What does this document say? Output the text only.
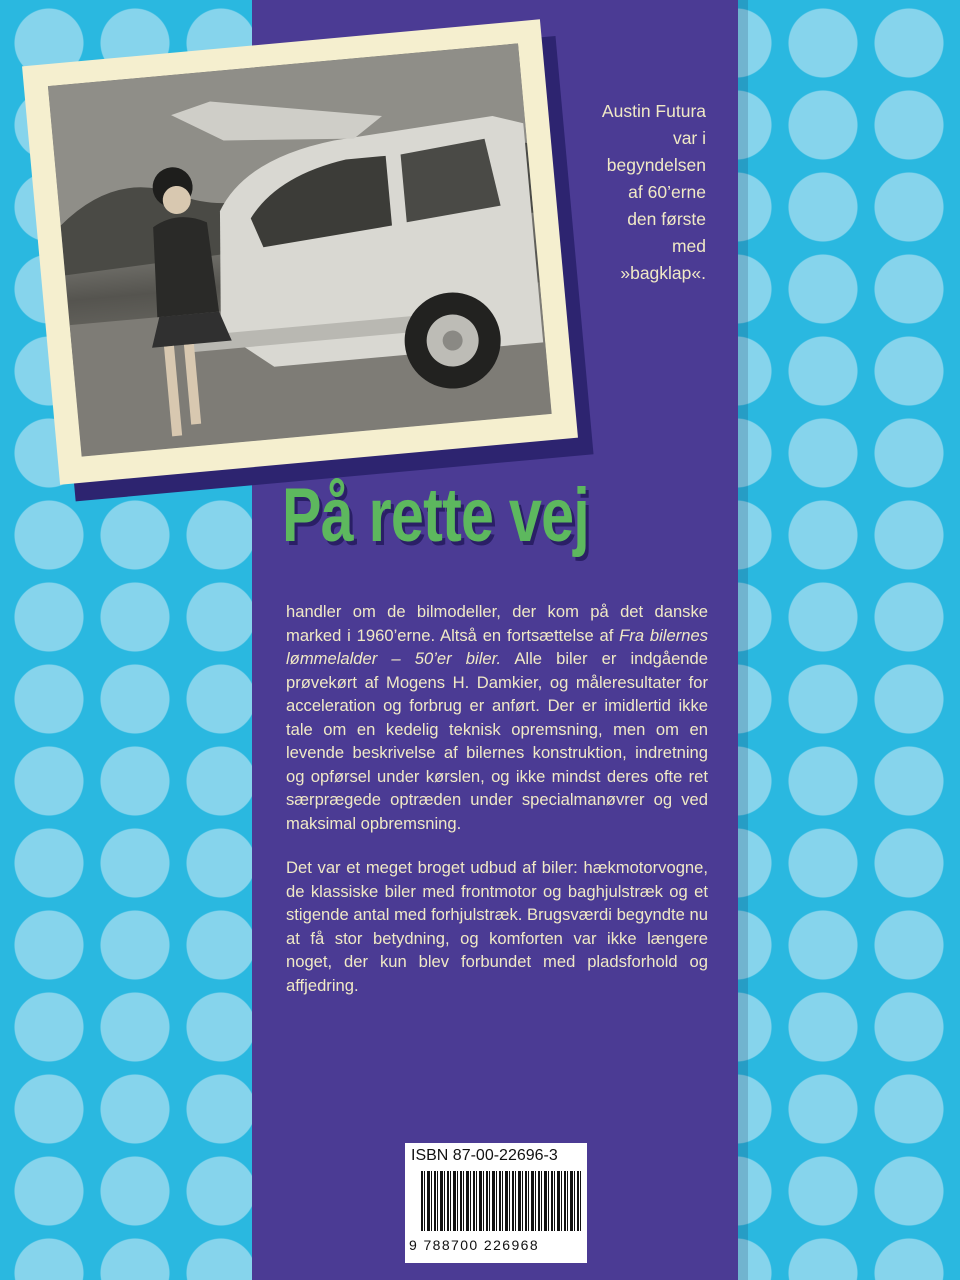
Austin Futura
var i
begyndelsen
af 60’erne
den første
med
»bagklap«.
På rette vej

handler om de bilmodeller, der kom på det danske marked i 1960’erne. Altså en fortsættelse af Fra bilernes lømmelalder – 50’er biler. Alle biler er indgående prøvekørt af Mogens H. Damkier, og måleresultater for acceleration og forbrug er anført. Der er imidlertid ikke tale om en kedelig teknisk opremsning, men om en levende beskrivelse af bilernes konstruktion, indretning og opførsel under kørslen, og ikke mindst deres ofte ret særprægede optræden under specialmanøvrer og ved maksimal opbremsning.

Det var et meget broget udbud af biler: hækmotorvogne, de klassiske biler med frontmotor og baghjulstræk og et stigende antal med forhjulstræk. Brugsværdi begyndte nu at få stor betydning, og komforten var ikke længere noget, der kun blev forbundet med pladsforhold og affjedring.

ISBN 87-00-22696-3
9 788700 226968
